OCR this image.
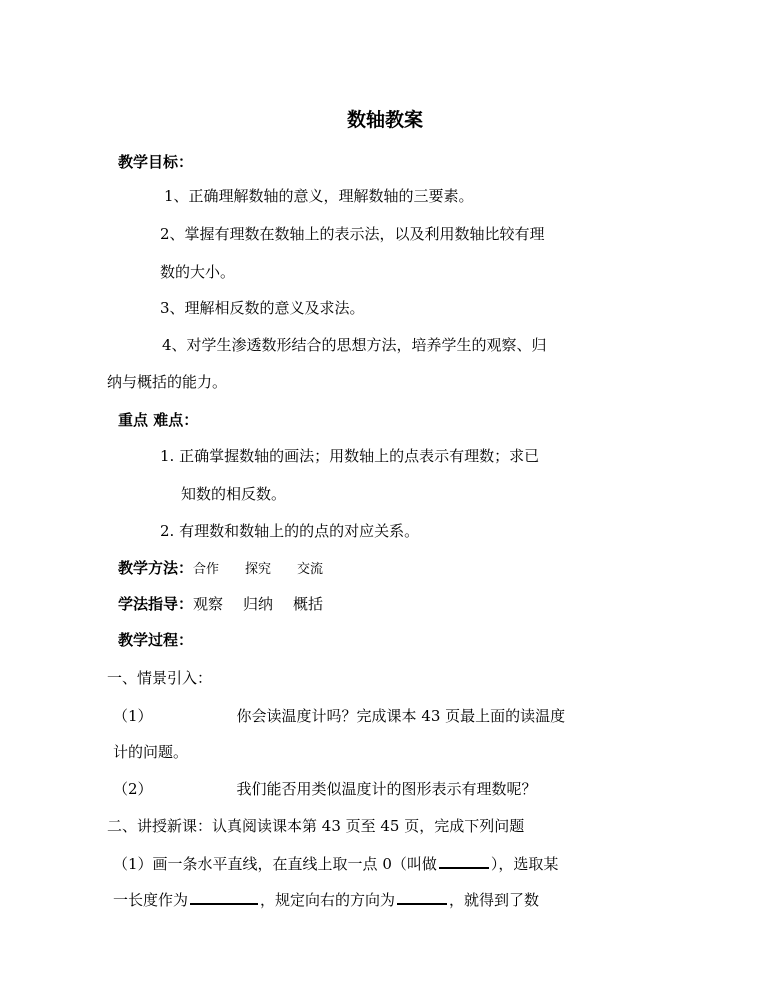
数轴教案
教学目标：
1、正确理解数轴的意义，理解数轴的三要素。
2、掌握有理数在数轴上的表示法，以及利用数轴比较有理
数的大小。
3、理解相反数的意义及求法。
4、对学生渗透数形结合的思想方法，培养学生的观察、归
纳与概括的能力。
重点 难点：
1. 正确掌握数轴的画法；用数轴上的点表示有理数；求已
知数的相反数。
2. 有理数和数轴上的的点的对应关系。
教学方法：合作 探究 交流
学法指导：观察 归纳 概括
教学过程：
一、情景引入：
（1）	你会读温度计吗？完成课本 43 页最上面的读温度
计的问题。
（2）	我们能否用类似温度计的图形表示有理数呢？
二、讲授新课：认真阅读课本第 43 页至 45 页，完成下列问题
（1）画一条水平直线，在直线上取一点 0（叫做	），选取某
一长度作为	，规定向右的方向为	，就得到了数
